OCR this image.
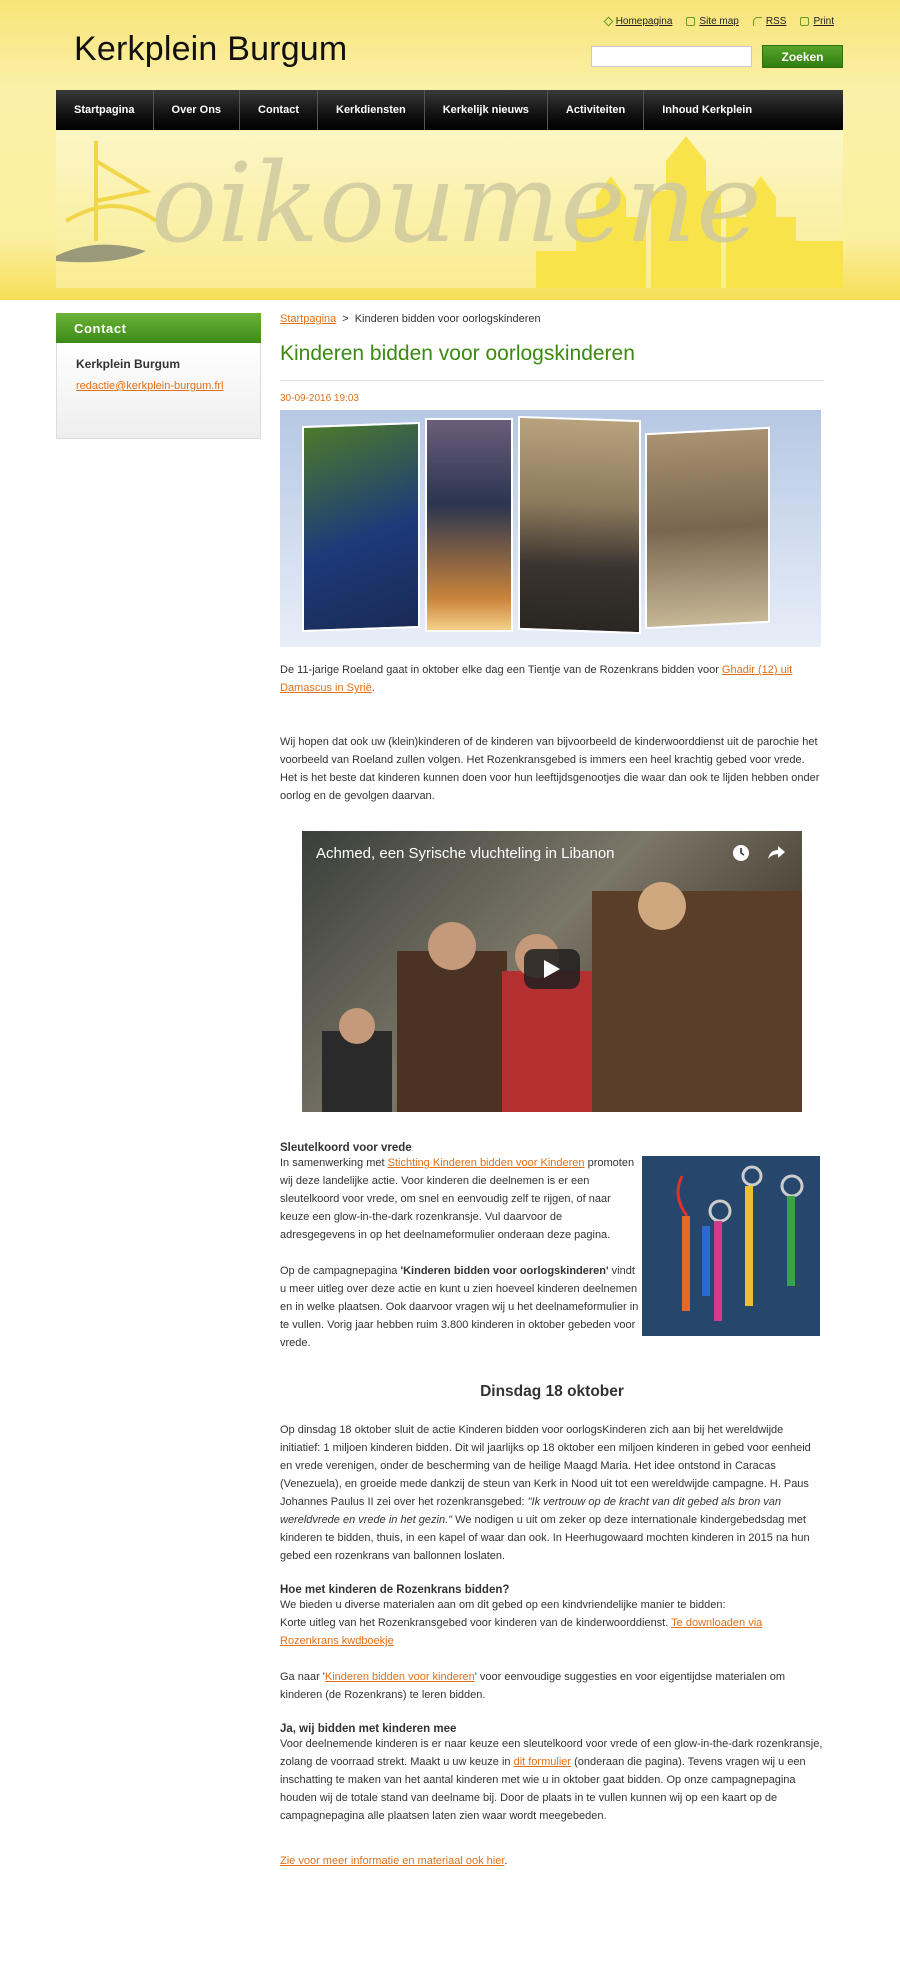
Kerkplein Burgum
Homepagina	Site map	RSS	Print
Zoeken
Startpagina	Over Ons	Contact	Kerkdiensten	Kerkelijk nieuws	Activiteiten	Inhoud Kerkplein
oikoumene
Contact
Kerkplein Burgum
redactie@kerkplein-burgum.frl
Startpagina > Kinderen bidden voor oorlogskinderen
Kinderen bidden voor oorlogskinderen
30-09-2016 19:03

De 11-jarige Roeland gaat in oktober elke dag een Tientje van de Rozenkrans bidden voor Ghadir (12) uit Damascus in Syrië.

Wij hopen dat ook uw (klein)kinderen of de kinderen van bijvoorbeeld de kinderwoorddienst uit de parochie het voorbeeld van Roeland zullen volgen. Het Rozenkransgebed is immers een heel krachtig gebed voor vrede. Het is het beste dat kinderen kunnen doen voor hun leeftijdsgenootjes die waar dan ook te lijden hebben onder oorlog en de gevolgen daarvan.

Achmed, een Syrische vluchteling in Libanon
Sleutelkoord voor vrede

In samenwerking met Stichting Kinderen bidden voor Kinderen promoten wij deze landelijke actie. Voor kinderen die deelnemen is er een sleutelkoord voor vrede, om snel en eenvoudig zelf te rijgen, of naar keuze een glow-in-the-dark rozenkransje. Vul daarvoor de adresgegevens in op het deelnameformulier onderaan deze pagina.

Op de campagnepagina 'Kinderen bidden voor oorlogskinderen' vindt u meer uitleg over deze actie en kunt u zien hoeveel kinderen deelnemen en in welke plaatsen. Ook daarvoor vragen wij u het deelnameformulier in te vullen. Vorig jaar hebben ruim 3.800 kinderen in oktober gebeden voor vrede.

Dinsdag 18 oktober

Op dinsdag 18 oktober sluit de actie Kinderen bidden voor oorlogsKinderen zich aan bij het wereldwijde initiatief: 1 miljoen kinderen bidden. Dit wil jaarlijks op 18 oktober een miljoen kinderen in gebed voor eenheid en vrede verenigen, onder de bescherming van de heilige Maagd Maria. Het idee ontstond in Caracas (Venezuela), en groeide mede dankzij de steun van Kerk in Nood uit tot een wereldwijde campagne. H. Paus Johannes Paulus II zei over het rozenkransgebed: "Ik vertrouw op de kracht van dit gebed als bron van wereldvrede en vrede in het gezin." We nodigen u uit om zeker op deze internationale kindergebedsdag met kinderen te bidden, thuis, in een kapel of waar dan ook. In Heerhugowaard mochten kinderen in 2015 na hun gebed een rozenkrans van ballonnen loslaten.

Hoe met kinderen de Rozenkrans bidden?

We bieden u diverse materialen aan om dit gebed op een kindvriendelijke manier te bidden:
Korte uitleg van het Rozenkransgebed voor kinderen van de kinderwoorddienst. Te downloaden via Rozenkrans kwdboekje

Ga naar 'Kinderen bidden voor kinderen' voor eenvoudige suggesties en voor eigentijdse materialen om kinderen (de Rozenkrans) te leren bidden.

Ja, wij bidden met kinderen mee

Voor deelnemende kinderen is er naar keuze een sleutelkoord voor vrede of een glow-in-the-dark rozenkransje, zolang de voorraad strekt. Maakt u uw keuze in dit formulier (onderaan die pagina). Tevens vragen wij u een inschatting te maken van het aantal kinderen met wie u in oktober gaat bidden. Op onze campagnepagina houden wij de totale stand van deelname bij. Door de plaats in te vullen kunnen wij op een kaart op de campagnepagina alle plaatsen laten zien waar wordt meegebeden.

Zie voor meer informatie en materiaal ook hier.
